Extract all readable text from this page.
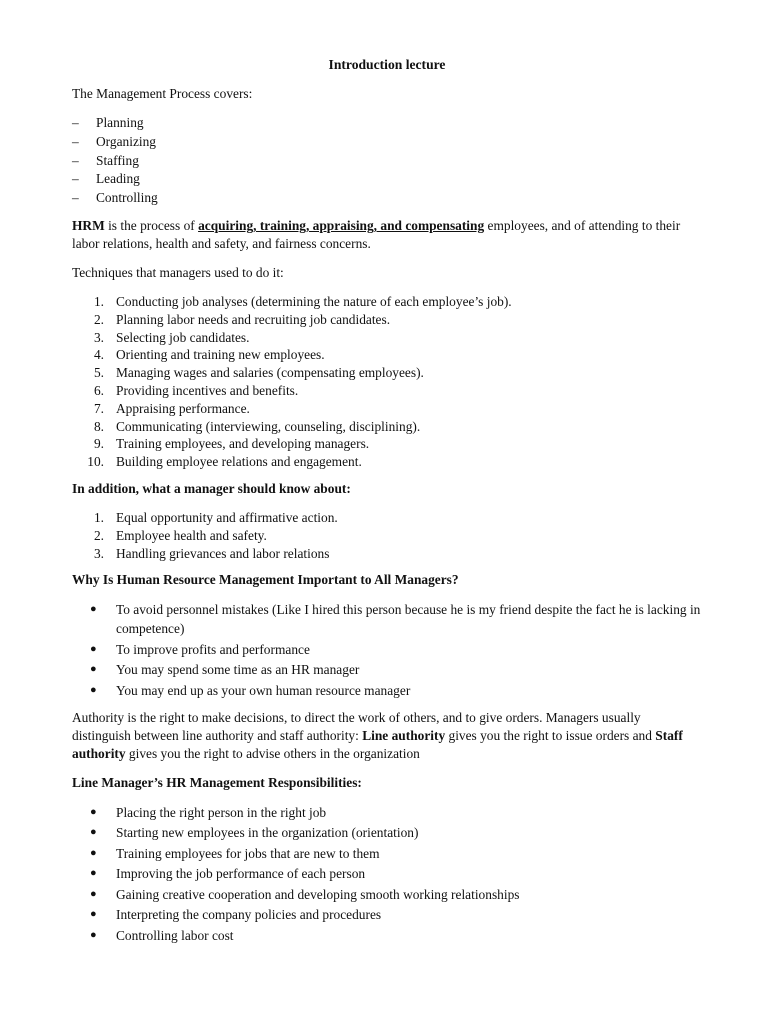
Introduction lecture

The Management Process covers:

– Planning
– Organizing
– Staffing
– Leading
– Controlling

HRM is the process of acquiring, training, appraising, and compensating employees, and of attending to their labor relations, health and safety, and fairness concerns.

Techniques that managers used to do it:

1. Conducting job analyses (determining the nature of each employee’s job).
2. Planning labor needs and recruiting job candidates.
3. Selecting job candidates.
4. Orienting and training new employees.
5. Managing wages and salaries (compensating employees).
6. Providing incentives and benefits.
7. Appraising performance.
8. Communicating (interviewing, counseling, disciplining).
9. Training employees, and developing managers.
10. Building employee relations and engagement.

In addition, what a manager should know about:

1. Equal opportunity and affirmative action.
2. Employee health and safety.
3. Handling grievances and labor relations

Why Is Human Resource Management Important to All Managers?

● To avoid personnel mistakes (Like I hired this person because he is my friend despite the fact he is lacking in competence)
● To improve profits and performance
● You may spend some time as an HR manager
● You may end up as your own human resource manager

Authority is the right to make decisions, to direct the work of others, and to give orders. Managers usually distinguish between line authority and staff authority: Line authority gives you the right to issue orders and Staff authority gives you the right to advise others in the organization

Line Manager’s HR Management Responsibilities:

● Placing the right person in the right job
● Starting new employees in the organization (orientation)
● Training employees for jobs that are new to them
● Improving the job performance of each person
● Gaining creative cooperation and developing smooth working relationships
● Interpreting the company policies and procedures
● Controlling labor cost
